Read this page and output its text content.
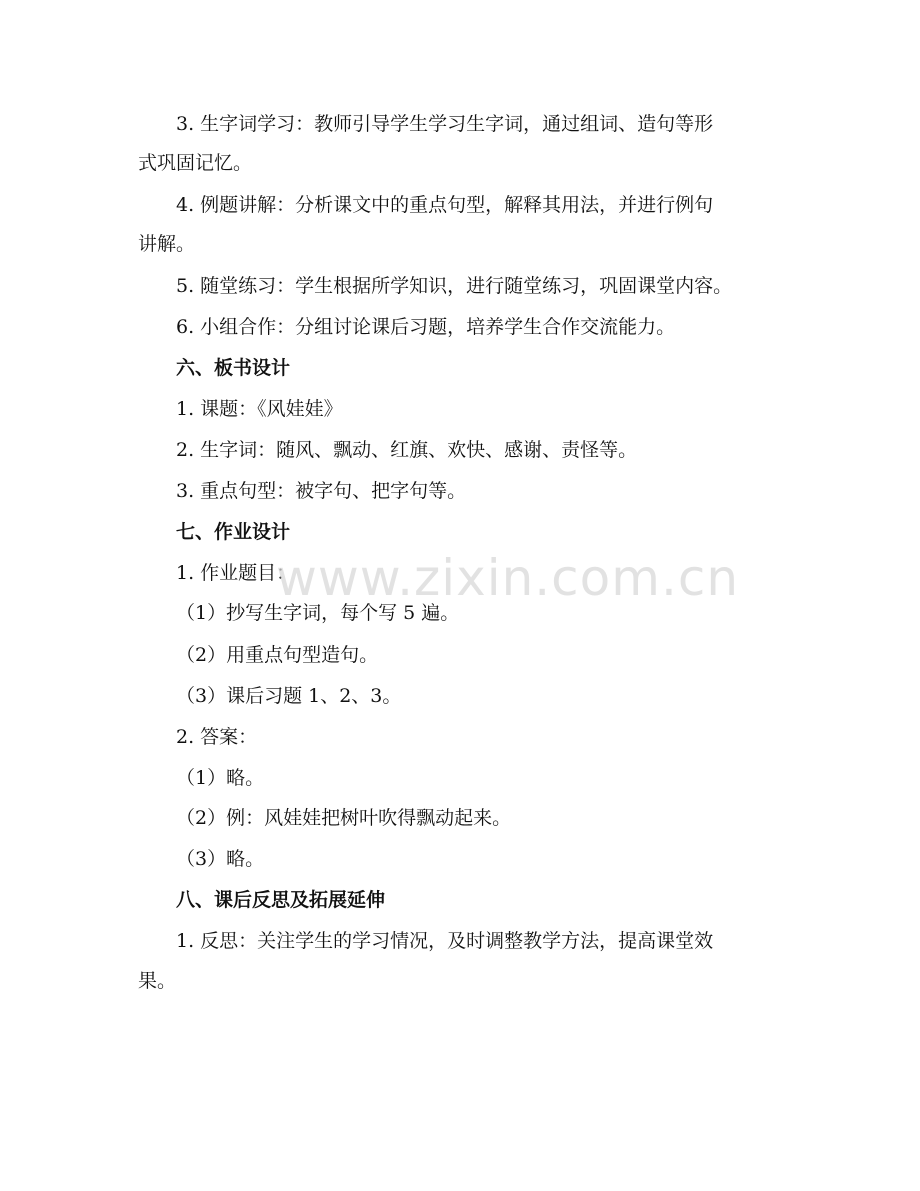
3. 生字词学习：教师引导学生学习生字词，通过组词、造句等形
式巩固记忆。
4. 例题讲解：分析课文中的重点句型，解释其用法，并进行例句
讲解。
5. 随堂练习：学生根据所学知识，进行随堂练习，巩固课堂内容。
6. 小组合作：分组讨论课后习题，培养学生合作交流能力。
六、板书设计
1. 课题：《风娃娃》
2. 生字词：随风、飘动、红旗、欢快、感谢、责怪等。
3. 重点句型：被字句、把字句等。
七、作业设计
1. 作业题目：
（1）抄写生字词，每个写 5 遍。
（2）用重点句型造句。
（3）课后习题 1、2、3。
2. 答案：
（1）略。
（2）例：风娃娃把树叶吹得飘动起来。
（3）略。
八、课后反思及拓展延伸
1. 反思：关注学生的学习情况，及时调整教学方法，提高课堂效
果。
www.zixin.com.cn
